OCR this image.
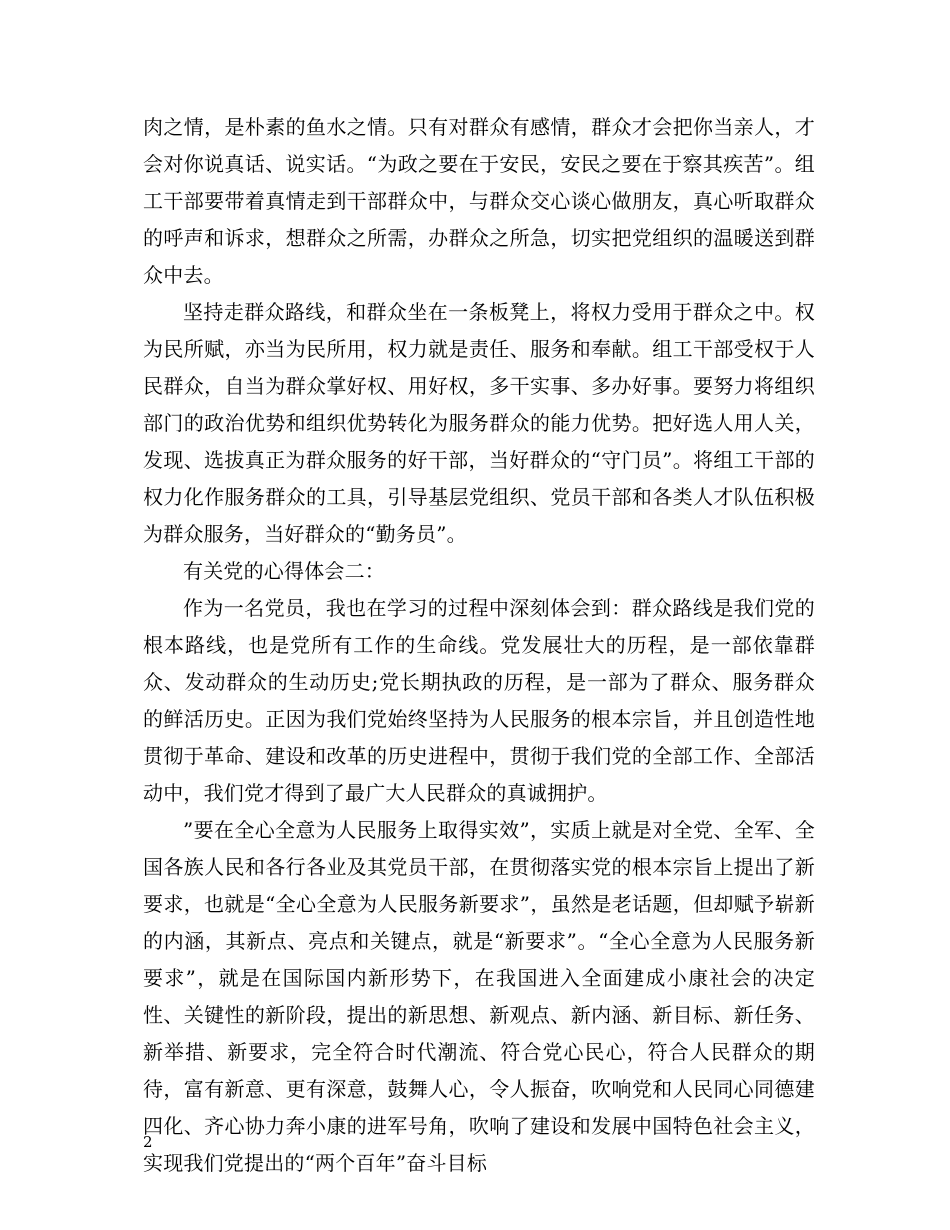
肉之情，是朴素的鱼水之情。只有对群众有感情，群众才会把你当亲人，才会对你说真话、说实话。“为政之要在于安民，安民之要在于察其疾苦”。组工干部要带着真情走到干部群众中，与群众交心谈心做朋友，真心听取群众的呼声和诉求，想群众之所需，办群众之所急，切实把党组织的温暖送到群众中去。

坚持走群众路线，和群众坐在一条板凳上，将权力受用于群众之中。权为民所赋，亦当为民所用，权力就是责任、服务和奉献。组工干部受权于人民群众，自当为群众掌好权、用好权，多干实事、多办好事。要努力将组织部门的政治优势和组织优势转化为服务群众的能力优势。把好选人用人关，发现、选拔真正为群众服务的好干部，当好群众的“守门员”。将组工干部的权力化作服务群众的工具，引导基层党组织、党员干部和各类人才队伍积极为群众服务，当好群众的“勤务员”。

有关党的心得体会二：

作为一名党员，我也在学习的过程中深刻体会到：群众路线是我们党的根本路线，也是党所有工作的生命线。党发展壮大的历程，是一部依靠群众、发动群众的生动历史;党长期执政的历程，是一部为了群众、服务群众的鲜活历史。正因为我们党始终坚持为人民服务的根本宗旨，并且创造性地贯彻于革命、建设和改革的历史进程中，贯彻于我们党的全部工作、全部活动中，我们党才得到了最广大人民群众的真诚拥护。

”要在全心全意为人民服务上取得实效”，实质上就是对全党、全军、全国各族人民和各行各业及其党员干部，在贯彻落实党的根本宗旨上提出了新要求，也就是“全心全意为人民服务新要求”，虽然是老话题，但却赋予崭新的内涵，其新点、亮点和关键点，就是“新要求”。“全心全意为人民服务新要求”，就是在国际国内新形势下，在我国进入全面建成小康社会的决定性、关键性的新阶段，提出的新思想、新观点、新内涵、新目标、新任务、新举措、新要求，完全符合时代潮流、符合党心民心，符合人民群众的期待，富有新意、更有深意，鼓舞人心，令人振奋，吹响党和人民同心同德建四化、齐心协力奔小康的进军号角，吹响了建设和发展中国特色社会主义，实现我们党提出的“两个百年”奋斗目标

2
